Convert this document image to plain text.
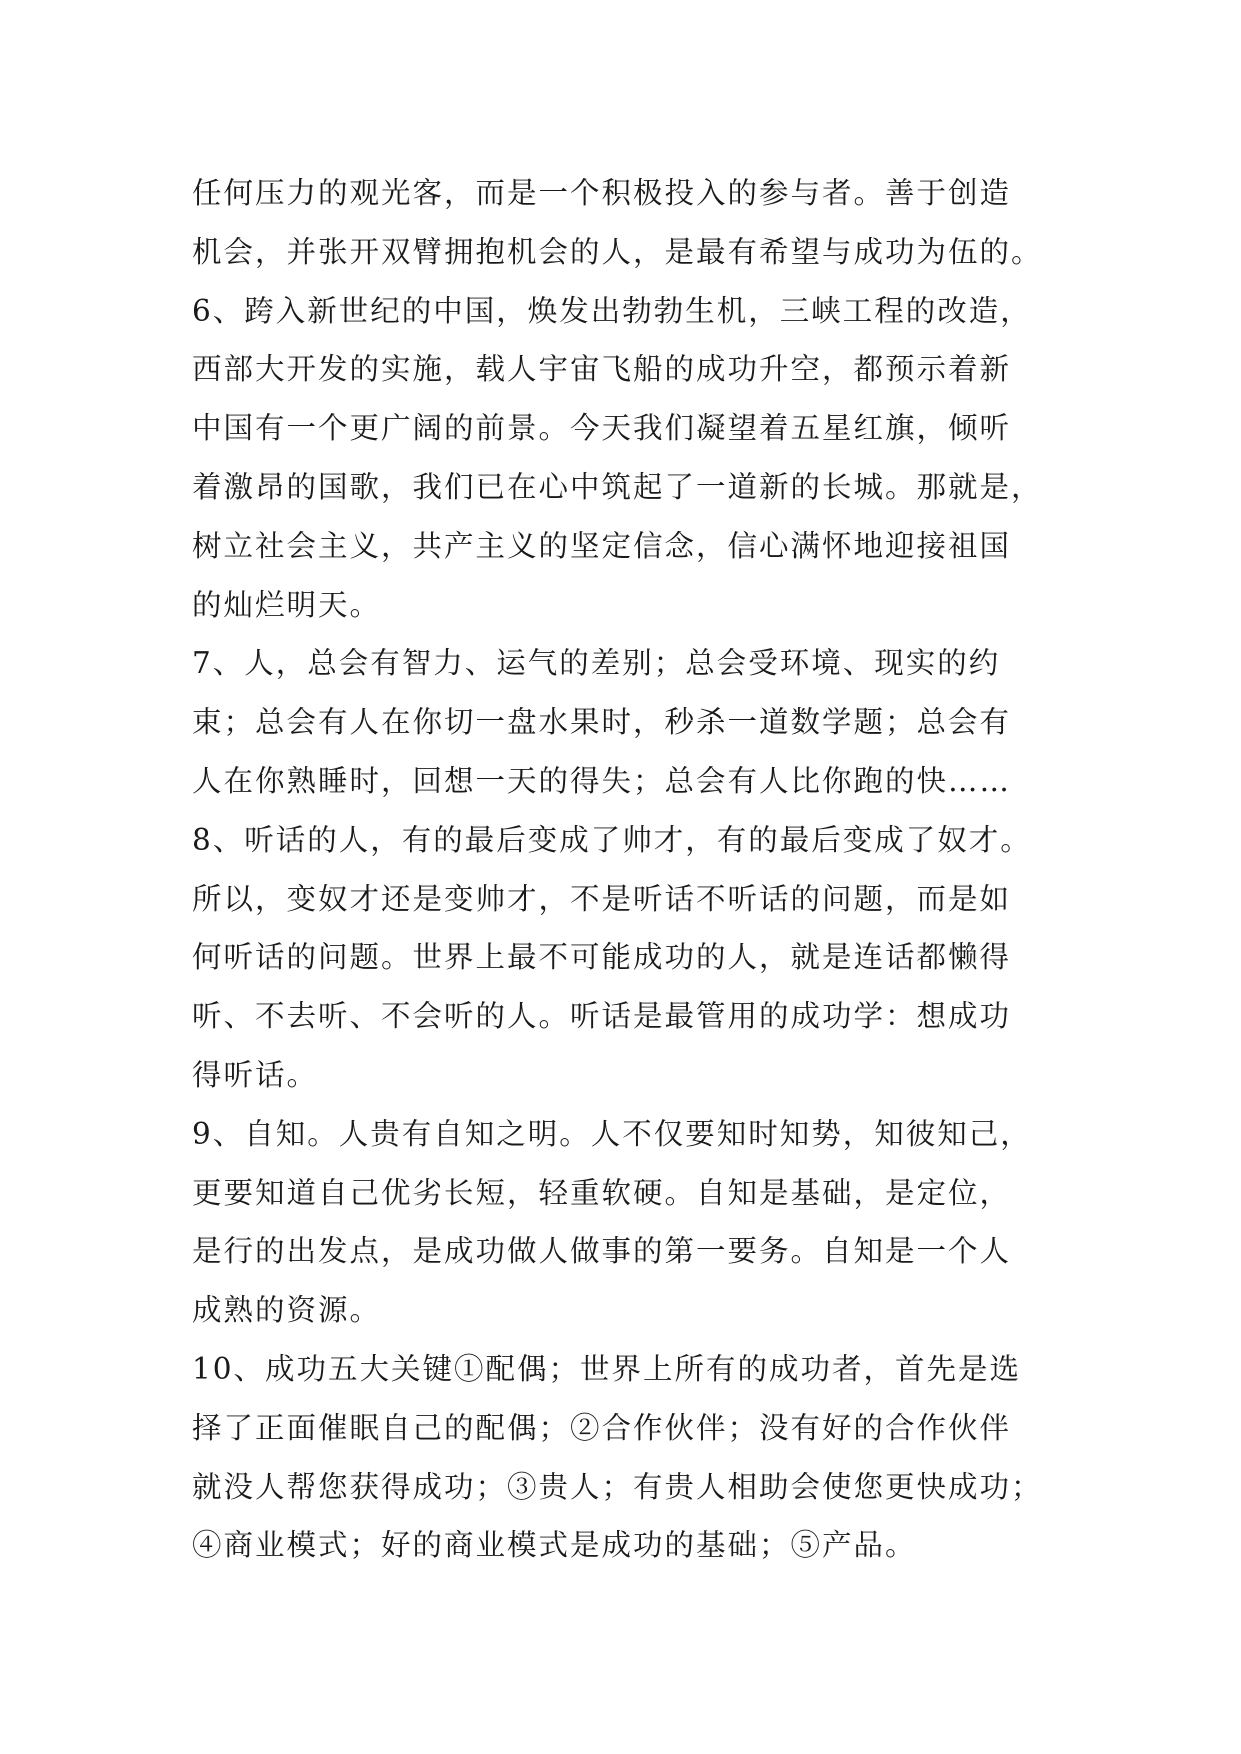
任何压力的观光客，而是一个积极投入的参与者。善于创造
机会，并张开双臂拥抱机会的人，是最有希望与成功为伍的。
6、跨入新世纪的中国，焕发出勃勃生机，三峡工程的改造，
西部大开发的实施，载人宇宙飞船的成功升空，都预示着新
中国有一个更广阔的前景。今天我们凝望着五星红旗，倾听
着激昂的国歌，我们已在心中筑起了一道新的长城。那就是，
树立社会主义，共产主义的坚定信念，信心满怀地迎接祖国
的灿烂明天。
7、人，总会有智力、运气的差别；总会受环境、现实的约
束；总会有人在你切一盘水果时，秒杀一道数学题；总会有
人在你熟睡时，回想一天的得失；总会有人比你跑的快……
8、听话的人，有的最后变成了帅才，有的最后变成了奴才。
所以，变奴才还是变帅才，不是听话不听话的问题，而是如
何听话的问题。世界上最不可能成功的人，就是连话都懒得
听、不去听、不会听的人。听话是最管用的成功学：想成功
得听话。
9、自知。人贵有自知之明。人不仅要知时知势，知彼知己，
更要知道自己优劣长短，轻重软硬。自知是基础，是定位，
是行的出发点，是成功做人做事的第一要务。自知是一个人
成熟的资源。
10、成功五大关键①配偶；世界上所有的成功者，首先是选
择了正面催眠自己的配偶；②合作伙伴；没有好的合作伙伴
就没人帮您获得成功；③贵人；有贵人相助会使您更快成功；
④商业模式；好的商业模式是成功的基础；⑤产品。
